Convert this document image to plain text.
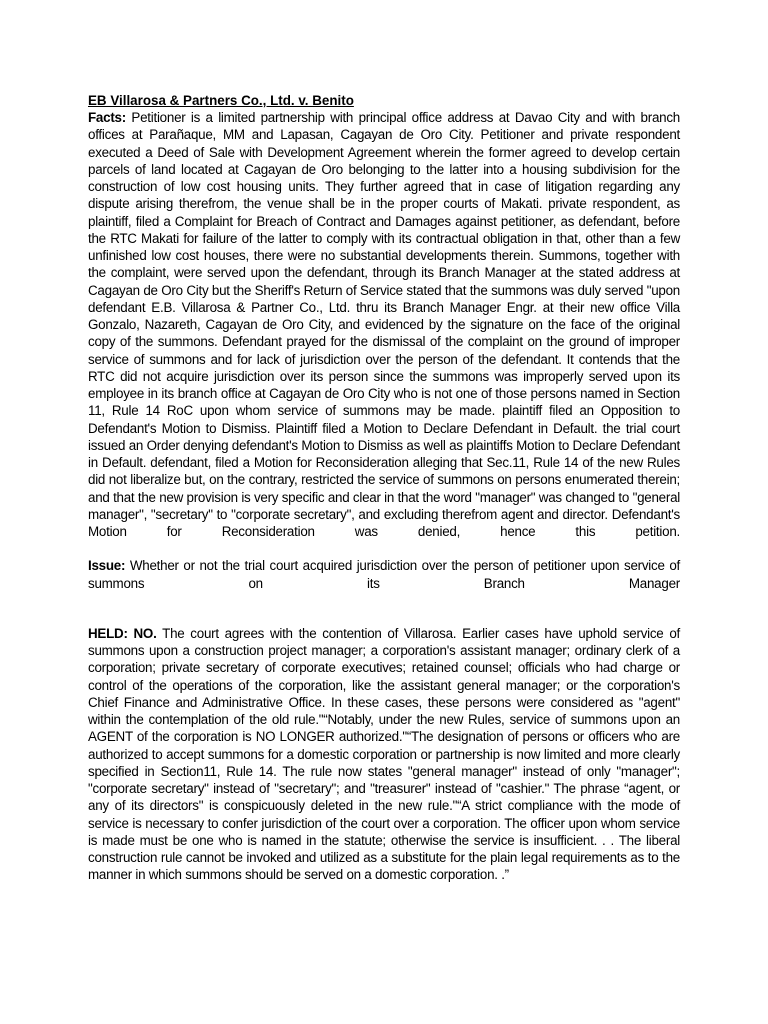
EB Villarosa & Partners Co., Ltd. v. Benito

Facts: Petitioner is a limited partnership with principal office address at Davao City and with branch offices at Parañaque, MM and Lapasan, Cagayan de Oro City. Petitioner and private respondent executed a Deed of Sale with Development Agreement wherein the former agreed to develop certain parcels of land located at Cagayan de Oro belonging to the latter into a housing subdivision for the construction of low cost housing units. They further agreed that in case of litigation regarding any dispute arising therefrom, the venue shall be in the proper courts of Makati. private respondent, as plaintiff, filed a Complaint for Breach of Contract and Damages against petitioner, as defendant, before the RTC Makati for failure of the latter to comply with its contractual obligation in that, other than a few unfinished low cost houses, there were no substantial developments therein. Summons, together with the complaint, were served upon the defendant, through its Branch Manager at the stated address at Cagayan de Oro City but the Sheriff's Return of Service stated that the summons was duly served "upon defendant E.B. Villarosa & Partner Co., Ltd. thru its Branch Manager Engr. at their new office Villa Gonzalo, Nazareth, Cagayan de Oro City, and evidenced by the signature on the face of the original copy of the summons. Defendant prayed for the dismissal of the complaint on the ground of improper service of summons and for lack of jurisdiction over the person of the defendant. It contends that the RTC did not acquire jurisdiction over its person since the summons was improperly served upon its employee in its branch office at Cagayan de Oro City who is not one of those persons named in Section 11, Rule 14 RoC upon whom service of summons may be made. plaintiff filed an Opposition to Defendant's Motion to Dismiss. Plaintiff filed a Motion to Declare Defendant in Default. the trial court issued an Order denying defendant's Motion to Dismiss as well as plaintiffs Motion to Declare Defendant in Default. defendant, filed a Motion for Reconsideration alleging that Sec.11, Rule 14 of the new Rules did not liberalize but, on the contrary, restricted the service of summons on persons enumerated therein; and that the new provision is very specific and clear in that the word "manager" was changed to "general manager", "secretary" to "corporate secretary", and excluding therefrom agent and director. Defendant's Motion for Reconsideration was denied, hence this petition.

Issue: Whether or not the trial court acquired jurisdiction over the person of petitioner upon service of summons on its Branch Manager

HELD: NO. The court agrees with the contention of Villarosa. Earlier cases have uphold service of summons upon a construction project manager; a corporation's assistant manager; ordinary clerk of a corporation; private secretary of corporate executives; retained counsel; officials who had charge or control of the operations of the corporation, like the assistant general manager; or the corporation's Chief Finance and Administrative Office. In these cases, these persons were considered as "agent" within the contemplation of the old rule."“Notably, under the new Rules, service of summons upon an AGENT of the corporation is NO LONGER authorized."“The designation of persons or officers who are authorized to accept summons for a domestic corporation or partnership is now limited and more clearly specified in Section11, Rule 14. The rule now states "general manager" instead of only "manager"; "corporate secretary" instead of "secretary"; and "treasurer" instead of "cashier." The phrase “agent, or any of its directors" is conspicuously deleted in the new rule."“A strict compliance with the mode of service is necessary to confer jurisdiction of the court over a corporation. The officer upon whom service is made must be one who is named in the statute; otherwise the service is insufficient. . . The liberal construction rule cannot be invoked and utilized as a substitute for the plain legal requirements as to the manner in which summons should be served on a domestic corporation. .”
